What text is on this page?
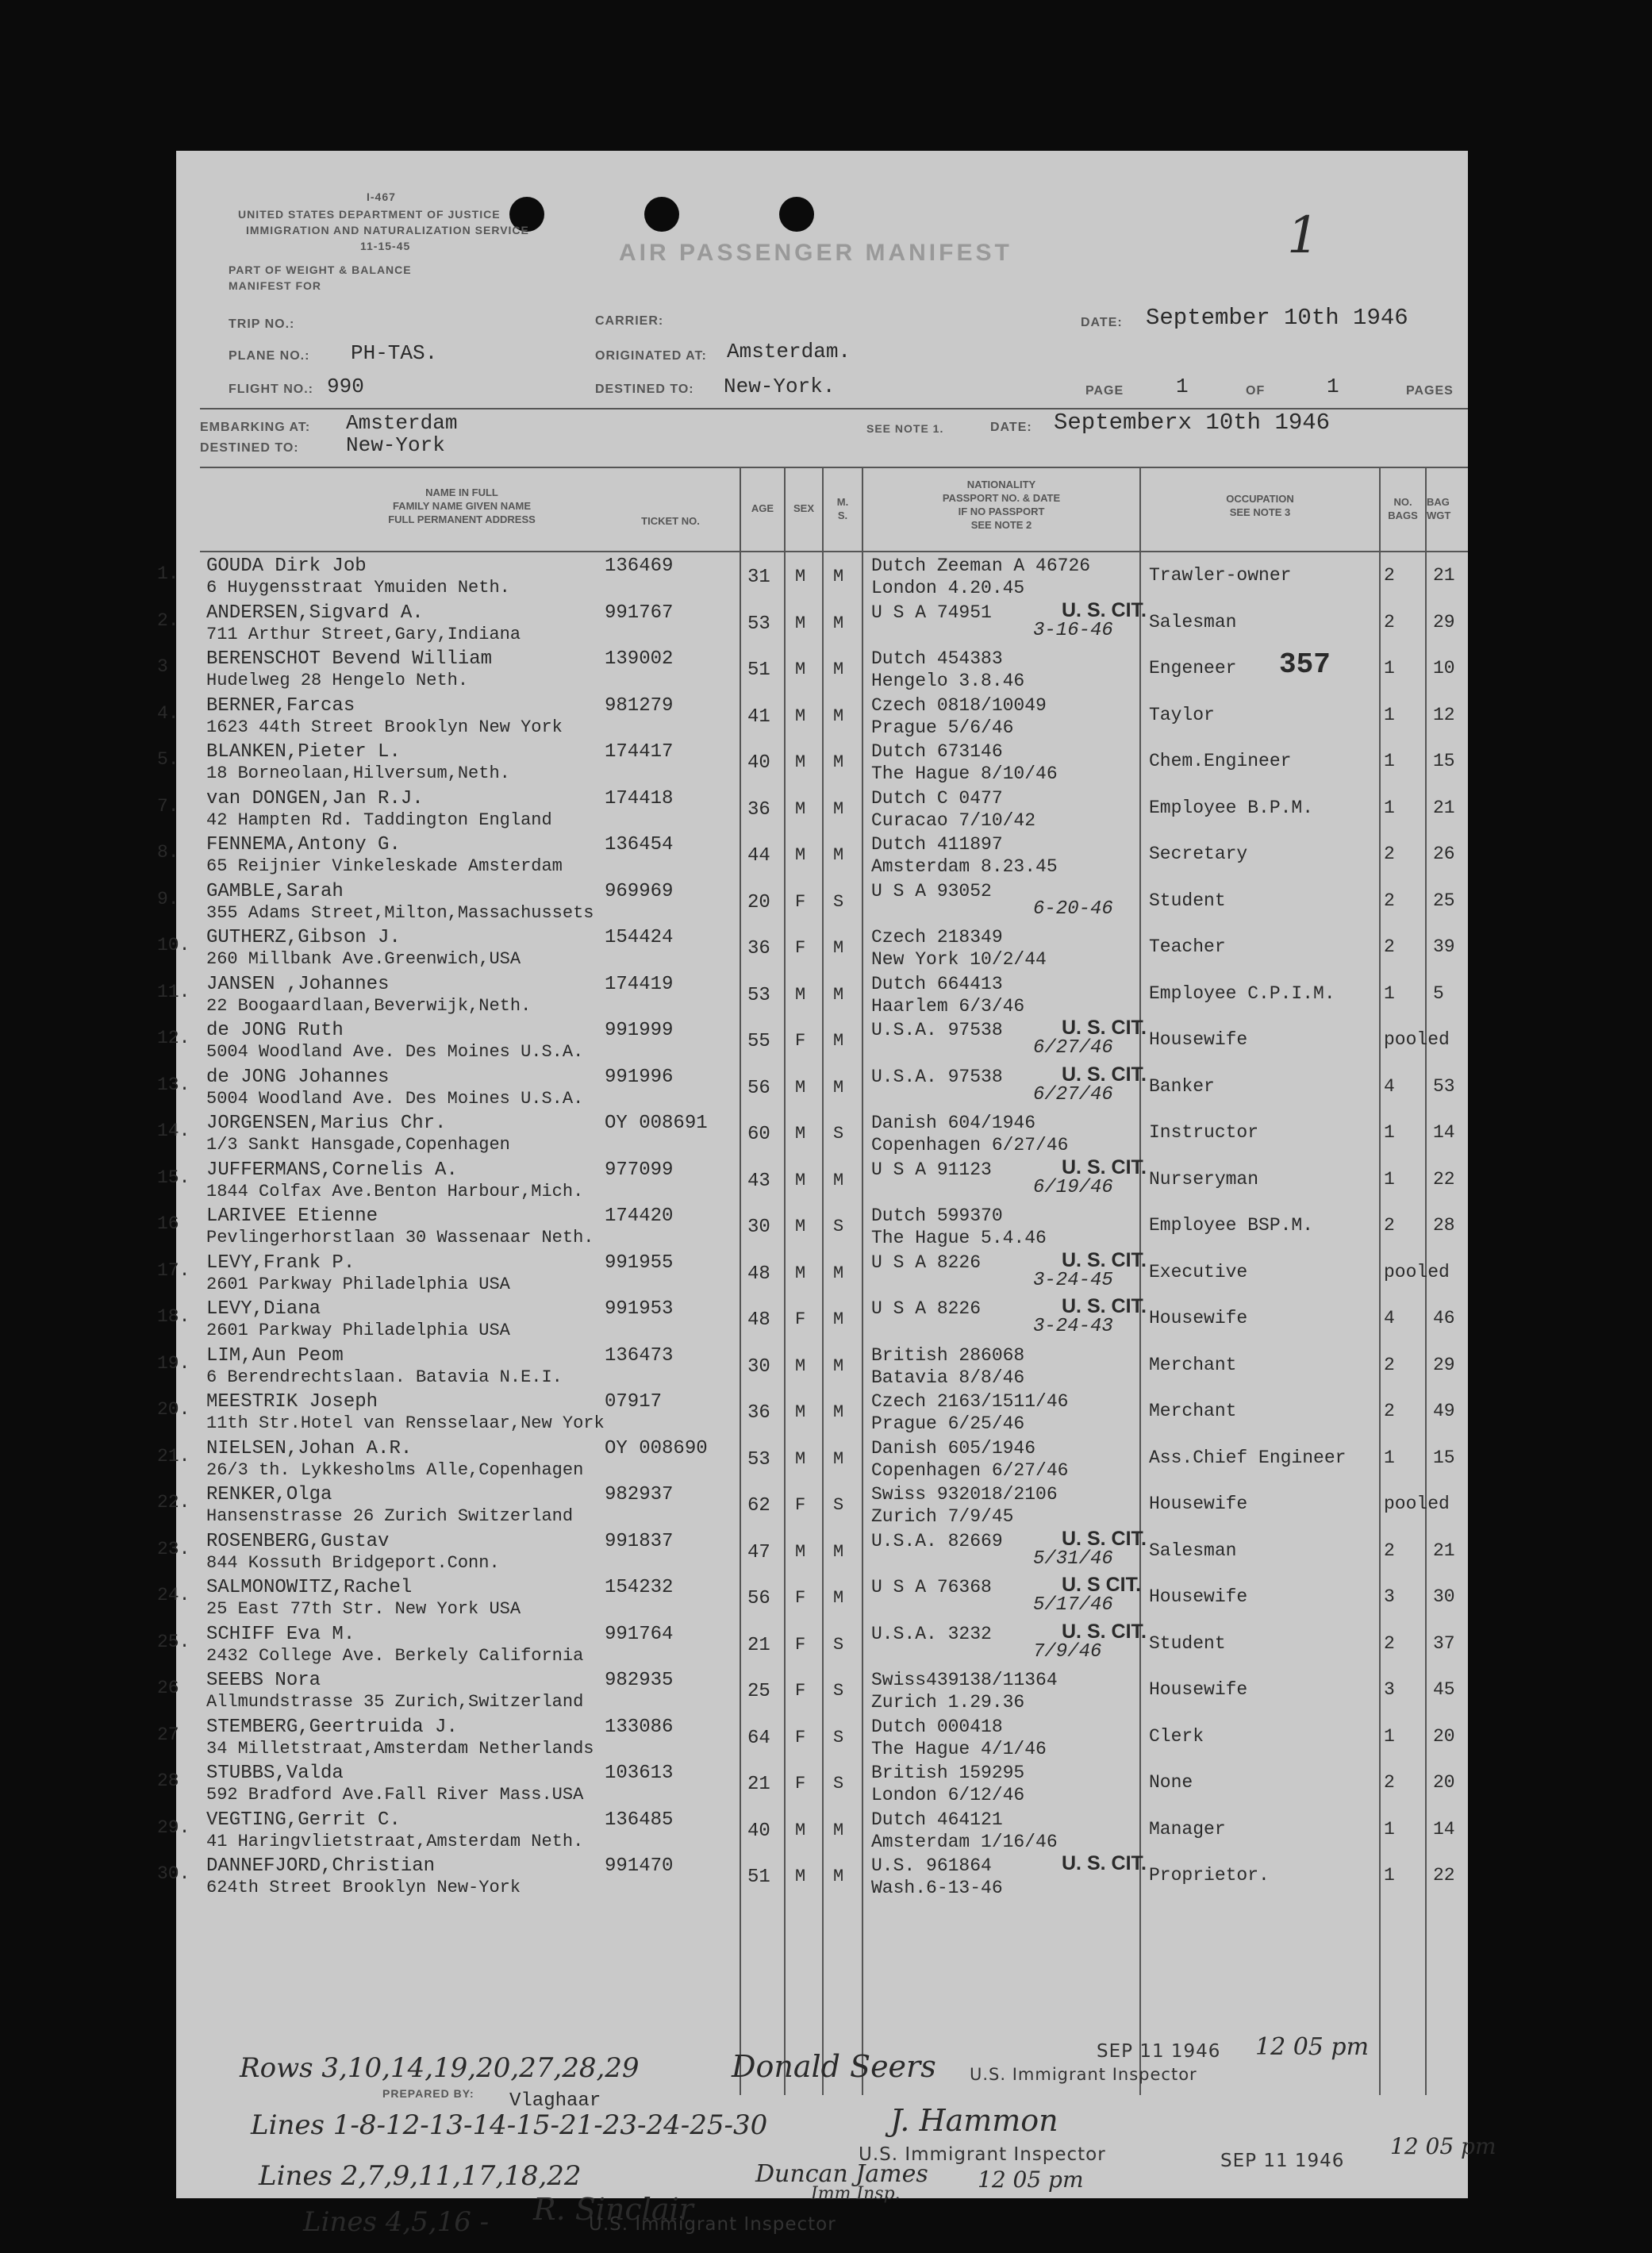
I-467
UNITED STATES DEPARTMENT OF JUSTICE
IMMIGRATION AND NATURALIZATION SERVICE
11-15-45
PART OF WEIGHT & BALANCE
MANIFEST FOR
AIR PASSENGER MANIFEST	1
TRIP NO.:	CARRIER:	DATE: September 10th 1946
PLANE NO.: PH-TAS.	ORIGINATED AT: Amsterdam.
FLIGHT NO.: 990	DESTINED TO: New-York.	PAGE	1	OF	1	PAGES
EMBARKING AT: Amsterdam
DESTINED TO: New-York
SEE NOTE 1.	DATE: Septemberx 10th 1946
NAME IN FULL
FAMILY NAME GIVEN NAME
FULL PERMANENT ADDRESS	TICKET NO.
AGE	SEX
M.
S.
NATIONALITY
PASSPORT NO. & DATE
IF NO PASSPORT
SEE NOTE 2
OCCUPATION
SEE NOTE 3
NO.
BAGS
BAG
WGT
1. GOUDA Dirk Job	136469
6 Huygensstraat Ymuiden Neth.	31 M M
Dutch Zeeman A 46726
London 4.20.45
Trawler-owner	2 21
2. ANDERSEN,Sigvard A.	991767
711 Arthur Street,Gary,Indiana	53 M M
U S A 74951	Salesman	2 29
U. S. CIT.
3-16-46
3 BERENSCHOT Bevend William	139002
Hudelweg 28 Hengelo Neth.	51 M M
Dutch 454383
Hengelo 3.8.46
Engeneer	1 10
357
4. BERNER,Farcas	981279
1623 44th Street Brooklyn New York	41 M M
Czech 0818/10049
Prague 5/6/46
Taylor	1 12
5. BLANKEN,Pieter L.	174417
18 Borneolaan,Hilversum,Neth.	40 M M
Dutch 673146
The Hague 8/10/46
Chem.Engineer	1 15
7. van DONGEN,Jan R.J.	174418
42 Hampten Rd. Taddington England	36 M M
Dutch C 0477
Curacao 7/10/42
Employee B.P.M.	1 21
8. FENNEMA,Antony G.	136454
65 Reijnier Vinkeleskade Amsterdam	44 M M
Dutch 411897
Amsterdam 8.23.45
Secretary	2 26
9. GAMBLE,Sarah	969969
355 Adams Street,Milton,Massachussets	20 F S
U S A 93052	Student	2 25
6-20-46
10. GUTHERZ,Gibson J.	154424
260 Millbank Ave.Greenwich,USA	36 F M
Czech 218349
New York 10/2/44
Teacher	2 39
11. JANSEN ,Johannes	174419
22 Boogaardlaan,Beverwijk,Neth.	53 M M
Dutch 664413
Haarlem 6/3/46
Employee C.P.I.M.	1 5
12. de JONG Ruth	991999
5004 Woodland Ave. Des Moines U.S.A.	55 F M
U.S.A. 97538	Housewife	pooled
U. S. CIT.
6/27/46
13. de JONG Johannes	991996
5004 Woodland Ave. Des Moines U.S.A.	56 M M
U.S.A. 97538	Banker	4 53
U. S. CIT.
6/27/46
14. JORGENSEN,Marius Chr.	OY 008691
1/3 Sankt Hansgade,Copenhagen	60 M S
Danish 604/1946
Copenhagen 6/27/46
Instructor	1 14
15. JUFFERMANS,Cornelis A.	977099
1844 Colfax Ave.Benton Harbour,Mich.	43 M M
U S A 91123	Nurseryman	1 22
U. S. CIT.
6/19/46
16 LARIVEE Etienne	174420
Pevlingerhorstlaan 30 Wassenaar Neth.	30 M S
Dutch 599370
The Hague 5.4.46
Employee BSP.M.	2 28
17. LEVY,Frank P.	991955
2601 Parkway Philadelphia USA	48 M M
U S A 8226	Executive	pooled
U. S. CIT.
3-24-45
18. LEVY,Diana	991953
2601 Parkway Philadelphia USA	48 F M
U S A 8226	Housewife	4 46
U. S. CIT.
3-24-43
19. LIM,Aun Peom	136473
6 Berendrechtslaan. Batavia N.E.I.	30 M M
British 286068
Batavia 8/8/46
Merchant	2 29
20. MEESTRIK Joseph	07917
11th Str.Hotel van Rensselaar,New York	36 M M
Czech 2163/1511/46
Prague 6/25/46
Merchant	2 49
21. NIELSEN,Johan A.R.	OY 008690
26/3 th. Lykkesholms Alle,Copenhagen	53 M M
Danish 605/1946
Copenhagen 6/27/46
Ass.Chief Engineer 1 15
22. RENKER,Olga	982937
Hansenstrasse 26 Zurich Switzerland	62 F S
Swiss 932018/2106
Zurich 7/9/45
Housewife	pooled
23. ROSENBERG,Gustav	991837
844 Kossuth Bridgeport.Conn.	47 M M
U.S.A. 82669	Salesman	2 21
U. S. CIT.
5/31/46
24. SALMONOWITZ,Rachel	154232
25 East 77th Str. New York USA	56 F M
U S A 76368	Housewife	3 30
U. S CIT.
5/17/46
25. SCHIFF Eva M.	991764
2432 College Ave. Berkely California	21 F S
U.S.A. 3232	Student	2 37
U. S. CIT.
7/9/46
26 SEEBS Nora	982935
Allmundstrasse 35 Zurich,Switzerland	25 F S
Swiss439138/11364
Zurich 1.29.36
Housewife	3 45
27 STEMBERG,Geertruida J.	133086
34 Milletstraat,Amsterdam Netherlands	64 F S
Dutch 000418
The Hague 4/1/46
Clerk	1 20
28 STUBBS,Valda	103613
592 Bradford Ave.Fall River Mass.USA	21 F S
British 159295
London 6/12/46
None	2 20
29. VEGTING,Gerrit C.	136485
41 Haringvlietstraat,Amsterdam Neth.	40 M M
Dutch 464121
Amsterdam 1/16/46
Manager	1 14
30. DANNEFJORD,Christian	991470
624th Street Brooklyn New-York	51 M M
U.S. 961864
Wash.6-13-46
Proprietor.	1 22
U. S. CIT.
Rows 3,10,14,19,20,27,28,29	Donald Seers U.S. Immigrant Inspector
SEP 11 1946 12 05 pm
PREPARED BY: Vlaghaar
Lines 1-8-12-13-14-15-21-23-24-25-30	J. Hammon
U.S. Immigrant Inspector	SEP 11 1946
12 05 pm
Lines 2,7,9,11,17,18,22	Duncan James
Imm Insp.
12 05 pm
Lines 4,5,16 - R. Sinclair
U.S. Immigrant Inspector
